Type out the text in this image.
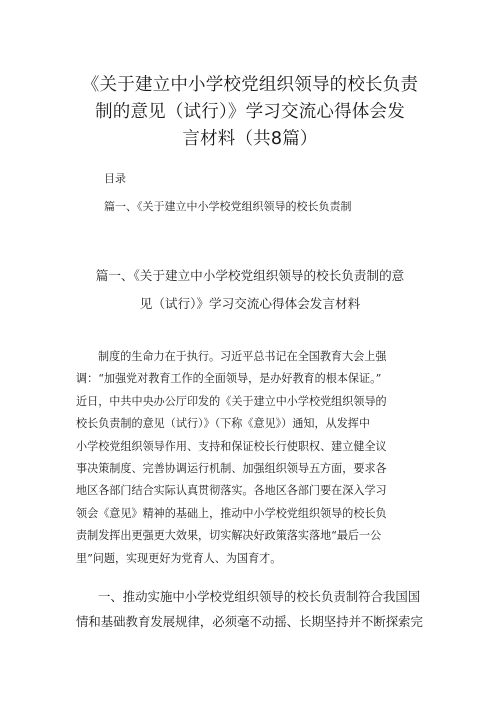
《关于建立中小学校党组织领导的校长负责
制的意见（试行）》学习交流心得体会发
言材料（共8篇）
目录
篇一、《关于建立中小学校党组织领导的校长负责制
篇一、《关于建立中小学校党组织领导的校长负责制的意
见（试行）》学习交流心得体会发言材料
制度的生命力在于执行。习近平总书记在全国教育大会上强
调：“加强党对教育工作的全面领导，是办好教育的根本保证。”
近日，中共中央办公厅印发的《关于建立中小学校党组织领导的
校长负责制的意见（试行）》（下称《意见》）通知，从发挥中
小学校党组织领导作用、支持和保证校长行使职权、建立健全议
事决策制度、完善协调运行机制、加强组织领导五方面，要求各
地区各部门结合实际认真贯彻落实。各地区各部门要在深入学习
领会《意见》精神的基础上，推动中小学校党组织领导的校长负
责制发挥出更强更大效果，切实解决好政策落实落地“最后一公
里”问题，实现更好为党育人、为国育才。
一、推动实施中小学校党组织领导的校长负责制符合我国国
情和基础教育发展规律，必须毫不动摇、长期坚持并不断探索完
